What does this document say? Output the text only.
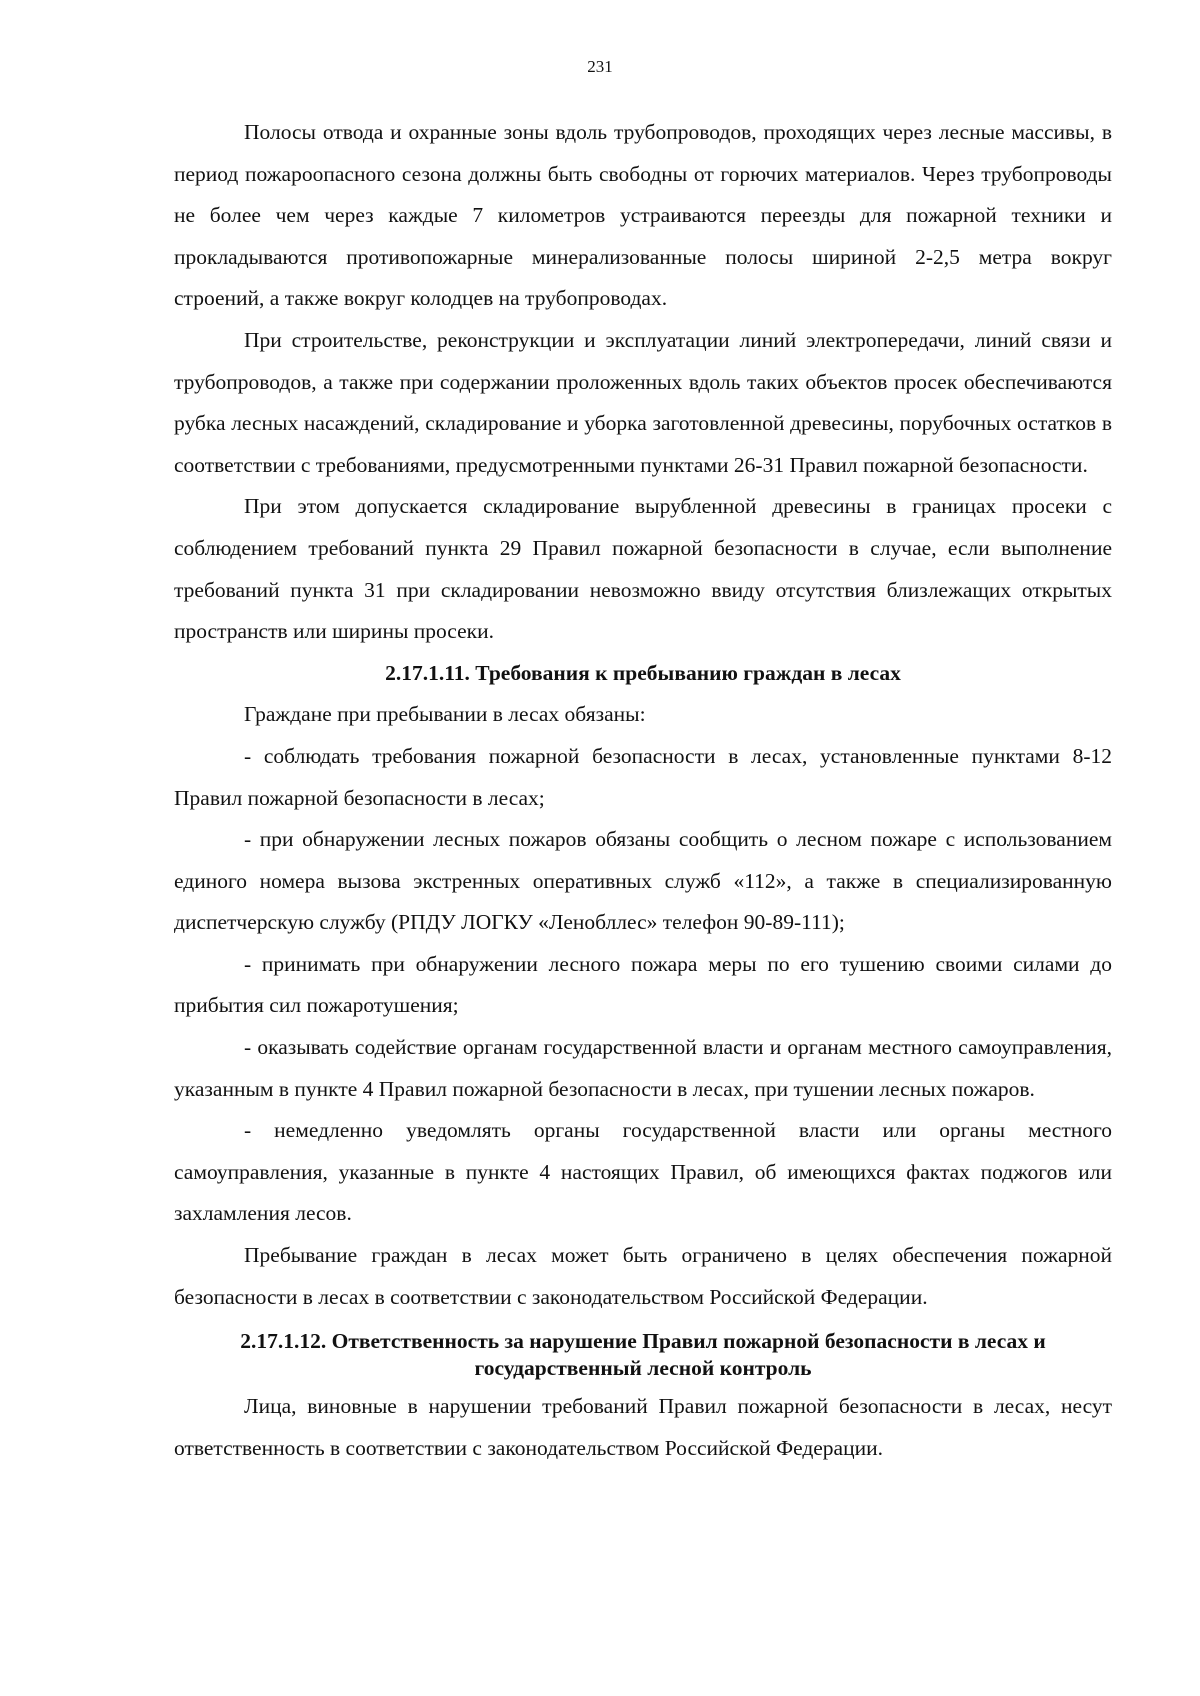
231

Полосы отвода и охранные зоны вдоль трубопроводов, проходящих через лесные массивы, в период пожароопасного сезона должны быть свободны от горючих материалов. Через трубопроводы не более чем через каждые 7 километров устраиваются переезды для пожарной техники и прокладываются противопожарные минерализованные полосы шириной 2-2,5 метра вокруг строений, а также вокруг колодцев на трубопроводах.

При строительстве, реконструкции и эксплуатации линий электропередачи, линий связи и трубопроводов, а также при содержании проложенных вдоль таких объектов просек обеспечиваются рубка лесных насаждений, складирование и уборка заготовленной древесины, порубочных остатков в соответствии с требованиями, предусмотренными пунктами 26-31 Правил пожарной безопасности.

При этом допускается складирование вырубленной древесины в границах просеки с соблюдением требований пункта 29 Правил пожарной безопасности в случае, если выполнение требований пункта 31 при складировании невозможно ввиду отсутствия близлежащих открытых пространств или ширины просеки.

2.17.1.11. Требования к пребыванию граждан в лесах

Граждане при пребывании в лесах обязаны:

- соблюдать требования пожарной безопасности в лесах, установленные пунктами 8-12 Правил пожарной безопасности в лесах;

- при обнаружении лесных пожаров обязаны сообщить о лесном пожаре с использованием единого номера вызова экстренных оперативных служб «112», а также в специализированную диспетчерскую службу (РПДУ ЛОГКУ «Ленобллес» телефон 90-89-111);

- принимать при обнаружении лесного пожара меры по его тушению своими силами до прибытия сил пожаротушения;

- оказывать содействие органам государственной власти и органам местного самоуправления, указанным в пункте 4 Правил пожарной безопасности в лесах, при тушении лесных пожаров.

- немедленно уведомлять органы государственной власти или органы местного самоуправления, указанные в пункте 4 настоящих Правил, об имеющихся фактах поджогов или захламления лесов.

Пребывание граждан в лесах может быть ограничено в целях обеспечения пожарной безопасности в лесах в соответствии с законодательством Российской Федерации.

2.17.1.12. Ответственность за нарушение Правил пожарной безопасности в лесах и
государственный лесной контроль

Лица, виновные в нарушении требований Правил пожарной безопасности в лесах, несут ответственность в соответствии с законодательством Российской Федерации.
